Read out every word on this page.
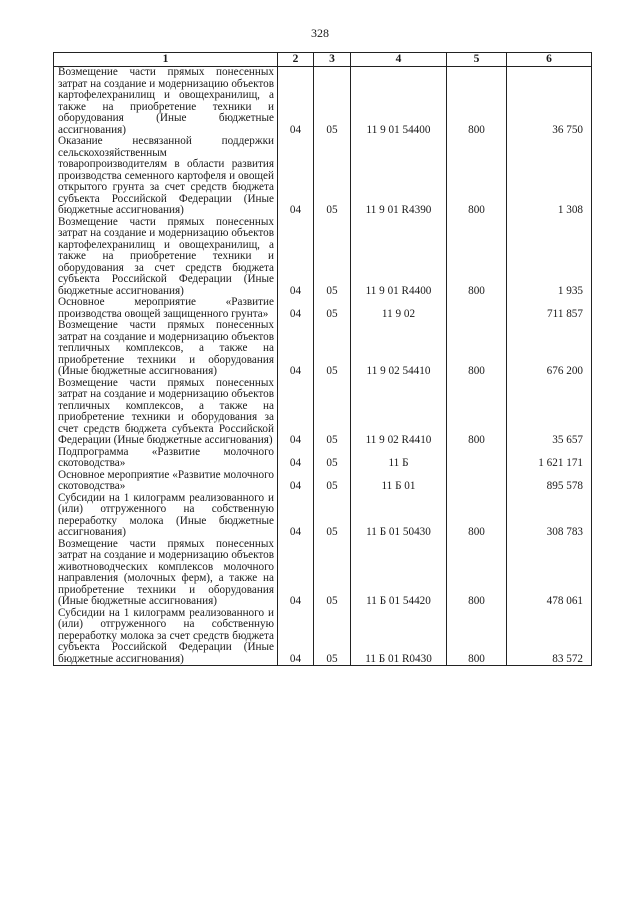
328
1	2	3	4	5	6
Возмещение части прямых понесенных затрат на создание и модернизацию объектов картофелехранилищ и овощехранилищ, а также на приобретение техники и оборудования (Иные бюджетные ассигнования)	04	05	11 9 01 54400	800	36 750
Оказание несвязанной поддержки сельскохозяйственным товаропроизводителям в области развития производства семенного картофеля и овощей открытого грунта за счет средств бюджета субъекта Российской Федерации (Иные бюджетные ассигнования)	04	05	11 9 01 R4390	800	1 308
Возмещение части прямых понесенных затрат на создание и модернизацию объектов картофелехранилищ и овощехранилищ, а также на приобретение техники и оборудования за счет средств бюджета субъекта Российской Федерации (Иные бюджетные ассигнования)	04	05	11 9 01 R4400	800	1 935
Основное мероприятие «Развитие производства овощей защищенного грунта»	04	05	11 9 02		711 857
Возмещение части прямых понесенных затрат на создание и модернизацию объектов тепличных комплексов, а также на приобретение техники и оборудования (Иные бюджетные ассигнования)	04	05	11 9 02 54410	800	676 200
Возмещение части прямых понесенных затрат на создание и модернизацию объектов тепличных комплексов, а также на приобретение техники и оборудования за счет средств бюджета субъекта Российской Федерации (Иные бюджетные ассигнования)	04	05	11 9 02 R4410	800	35 657
Подпрограмма «Развитие молочного скотоводства»	04	05	11 Б		1 621 171
Основное мероприятие «Развитие молочного скотоводства»	04	05	11 Б 01		895 578
Субсидии на 1 килограмм реализованного и (или) отгруженного на собственную переработку молока (Иные бюджетные ассигнования)	04	05	11 Б 01 50430	800	308 783
Возмещение части прямых понесенных затрат на создание и модернизацию объектов животноводческих комплексов молочного направления (молочных ферм), а также на приобретение техники и оборудования (Иные бюджетные ассигнования)	04	05	11 Б 01 54420	800	478 061
Субсидии на 1 килограмм реализованного и (или) отгруженного на собственную переработку молока за счет средств бюджета субъекта Российской Федерации (Иные бюджетные ассигнования)	04	05	11 Б 01 R0430	800	83 572
